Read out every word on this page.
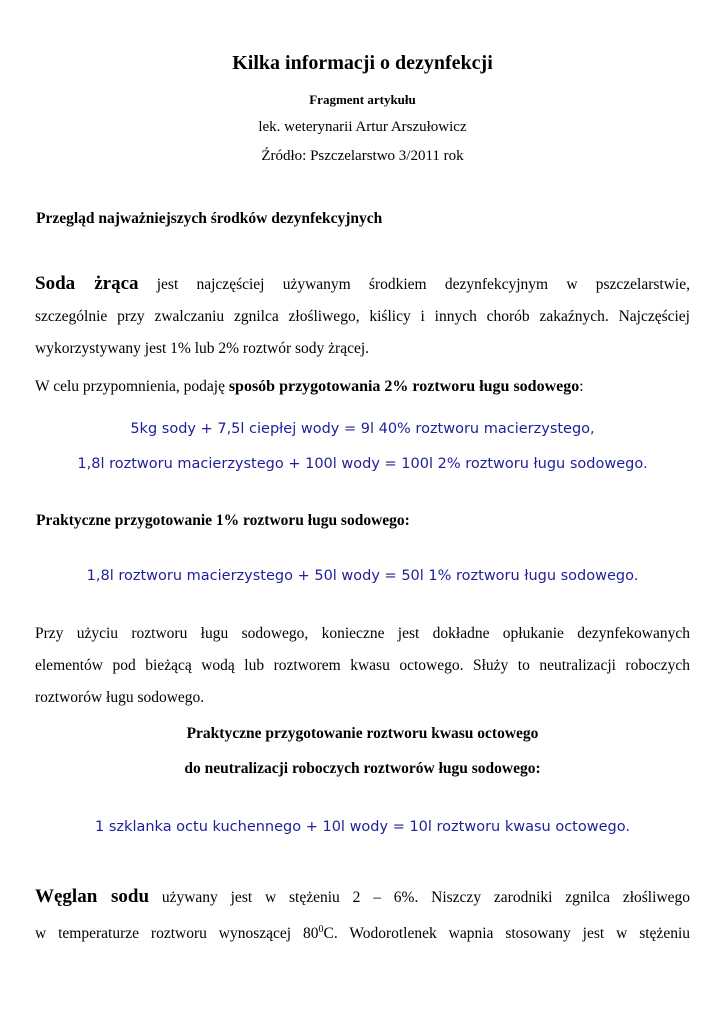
Kilka informacji o dezynfekcji
Fragment artykułu
lek. weterynarii Artur Arszułowicz
Źródło: Pszczelarstwo 3/2011 rok
Przegląd najważniejszych środków dezynfekcyjnych
Soda żrąca jest najczęściej używanym środkiem dezynfekcyjnym w pszczelarstwie,
szczególnie przy zwalczaniu zgnilca złośliwego, kiślicy i innych chorób zakaźnych. Najczęściej
wykorzystywany jest 1% lub 2% roztwór sody żrącej.
W celu przypomnienia, podaję sposób przygotowania 2% roztworu ługu sodowego:
5kg sody + 7,5l ciepłej wody = 9l 40% roztworu macierzystego,
1,8l roztworu macierzystego + 100l wody = 100l 2% roztworu ługu sodowego.
Praktyczne przygotowanie 1% roztworu ługu sodowego:
1,8l roztworu macierzystego + 50l wody = 50l 1% roztworu ługu sodowego.
Przy użyciu roztworu ługu sodowego, konieczne jest dokładne opłukanie dezynfekowanych
elementów pod bieżącą wodą lub roztworem kwasu octowego. Służy to neutralizacji roboczych
roztworów ługu sodowego.
Praktyczne przygotowanie roztworu kwasu octowego
do neutralizacji roboczych roztworów ługu sodowego:
1 szklanka octu kuchennego + 10l wody = 10l roztworu kwasu octowego.
Węglan sodu używany jest w stężeniu 2 – 6%. Niszczy zarodniki zgnilca złośliwego
w temperaturze roztworu wynoszącej $80^0C$. Wodorotlenek wapnia stosowany jest w stężeniu
